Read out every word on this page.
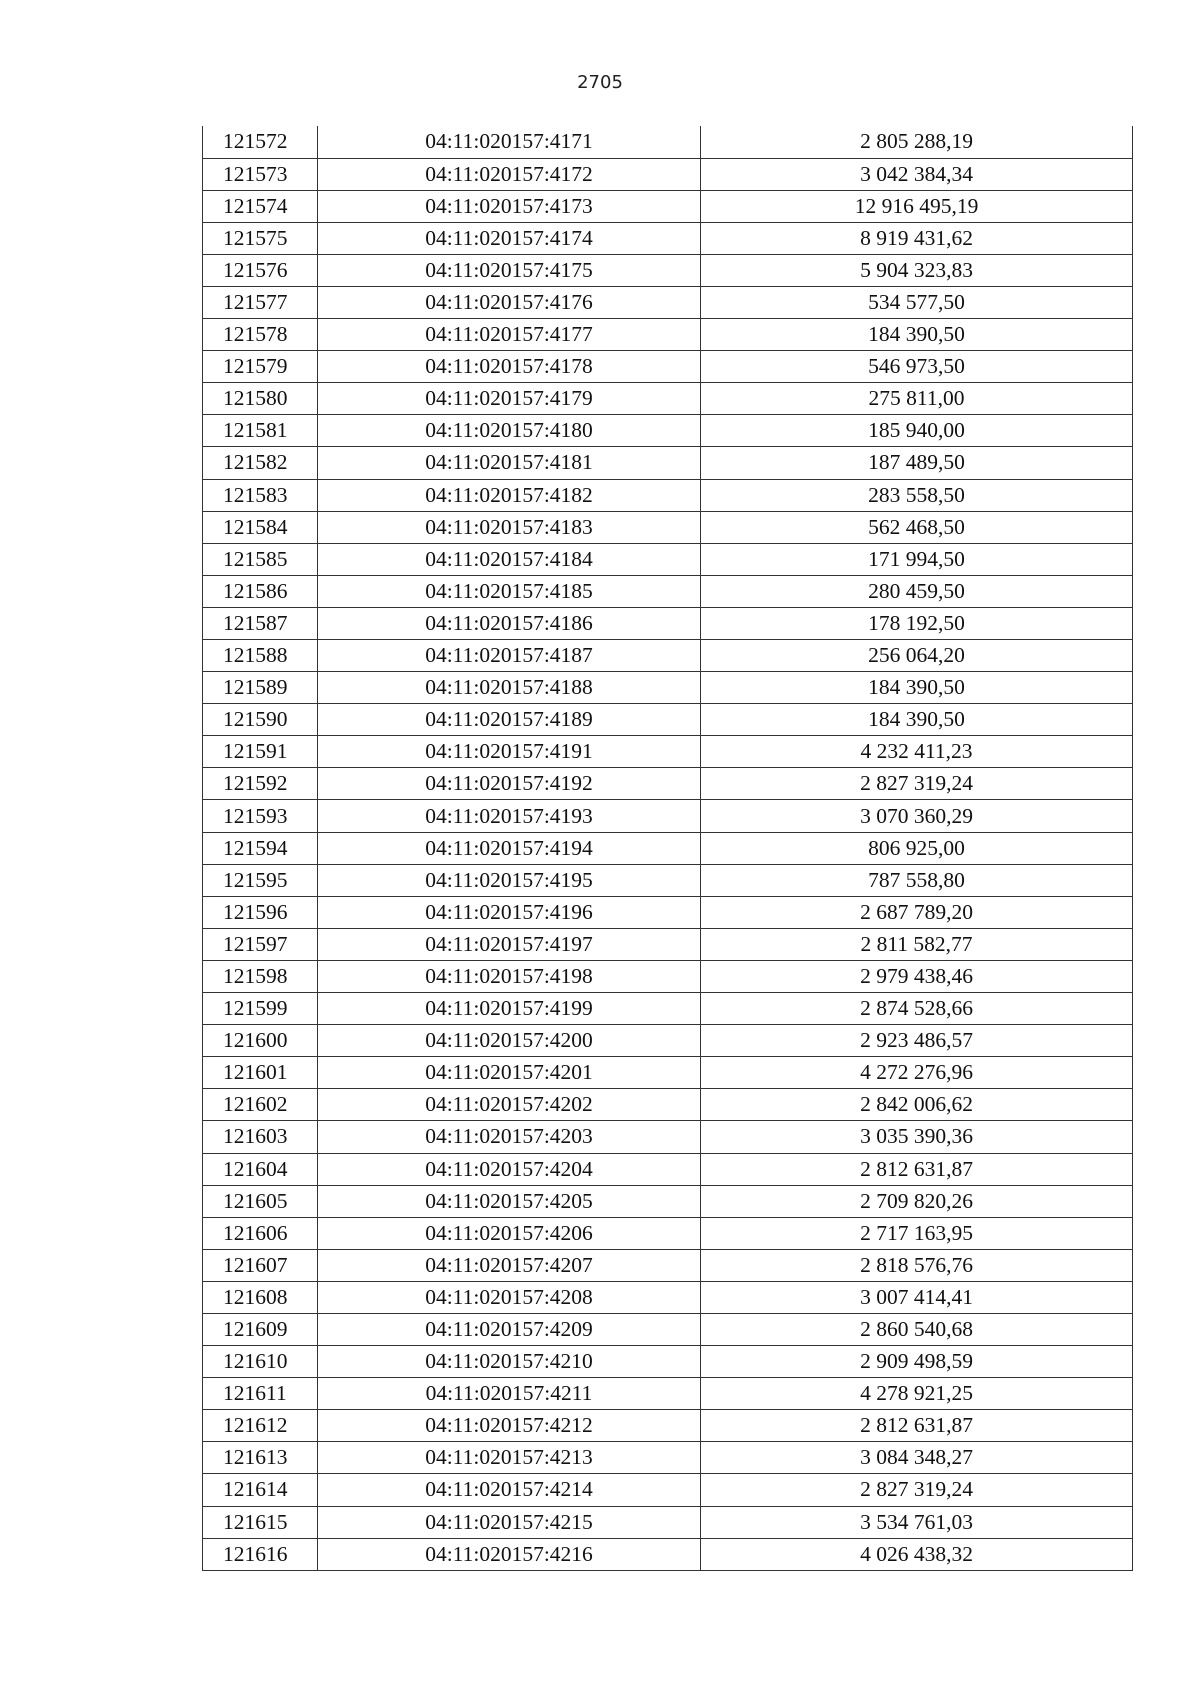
2705
121572	04:11:020157:4171	2 805 288,19
121573	04:11:020157:4172	3 042 384,34
121574	04:11:020157:4173	12 916 495,19
121575	04:11:020157:4174	8 919 431,62
121576	04:11:020157:4175	5 904 323,83
121577	04:11:020157:4176	534 577,50
121578	04:11:020157:4177	184 390,50
121579	04:11:020157:4178	546 973,50
121580	04:11:020157:4179	275 811,00
121581	04:11:020157:4180	185 940,00
121582	04:11:020157:4181	187 489,50
121583	04:11:020157:4182	283 558,50
121584	04:11:020157:4183	562 468,50
121585	04:11:020157:4184	171 994,50
121586	04:11:020157:4185	280 459,50
121587	04:11:020157:4186	178 192,50
121588	04:11:020157:4187	256 064,20
121589	04:11:020157:4188	184 390,50
121590	04:11:020157:4189	184 390,50
121591	04:11:020157:4191	4 232 411,23
121592	04:11:020157:4192	2 827 319,24
121593	04:11:020157:4193	3 070 360,29
121594	04:11:020157:4194	806 925,00
121595	04:11:020157:4195	787 558,80
121596	04:11:020157:4196	2 687 789,20
121597	04:11:020157:4197	2 811 582,77
121598	04:11:020157:4198	2 979 438,46
121599	04:11:020157:4199	2 874 528,66
121600	04:11:020157:4200	2 923 486,57
121601	04:11:020157:4201	4 272 276,96
121602	04:11:020157:4202	2 842 006,62
121603	04:11:020157:4203	3 035 390,36
121604	04:11:020157:4204	2 812 631,87
121605	04:11:020157:4205	2 709 820,26
121606	04:11:020157:4206	2 717 163,95
121607	04:11:020157:4207	2 818 576,76
121608	04:11:020157:4208	3 007 414,41
121609	04:11:020157:4209	2 860 540,68
121610	04:11:020157:4210	2 909 498,59
121611	04:11:020157:4211	4 278 921,25
121612	04:11:020157:4212	2 812 631,87
121613	04:11:020157:4213	3 084 348,27
121614	04:11:020157:4214	2 827 319,24
121615	04:11:020157:4215	3 534 761,03
121616	04:11:020157:4216	4 026 438,32
